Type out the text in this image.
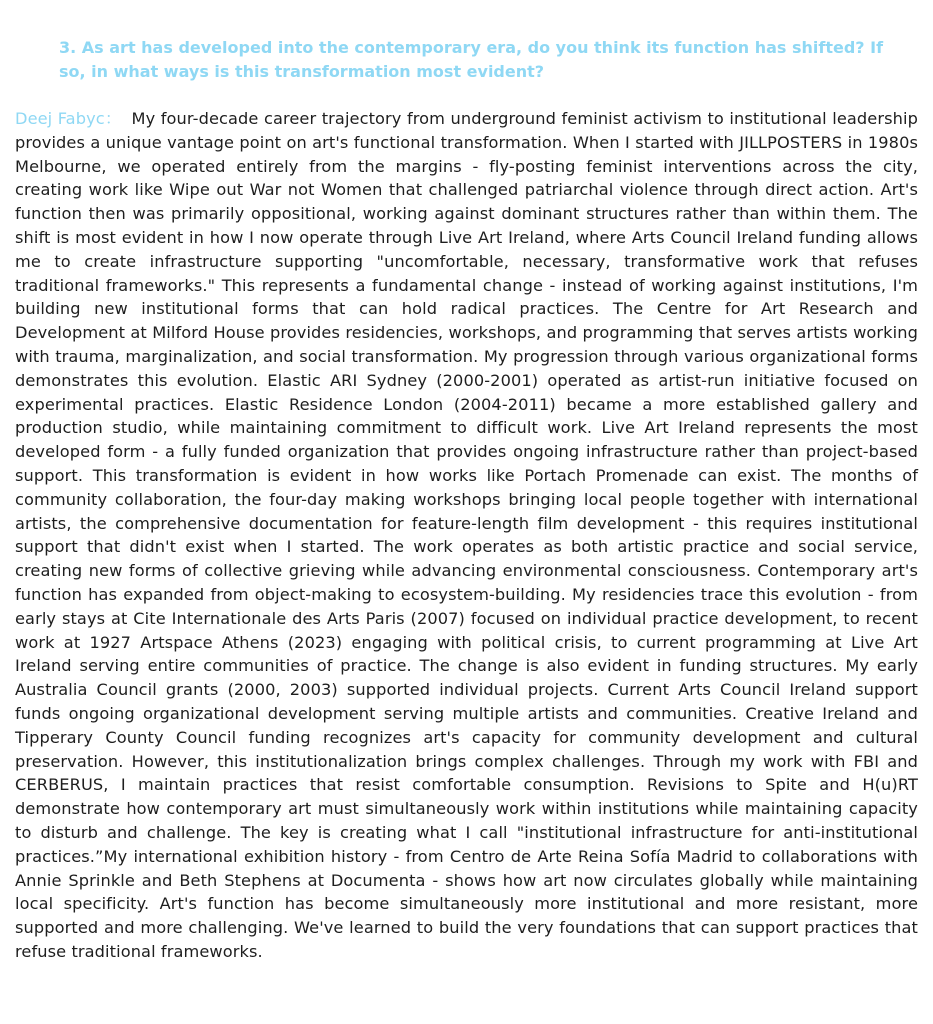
3. As art has developed into the contemporary era, do you think its function has shifted? If so, in what ways is this transformation most evident?

Deej Fabyc： My four-decade career trajectory from underground feminist activism to institutional leadership provides a unique vantage point on art's functional transformation. When I started with JILLPOSTERS in 1980s Melbourne, we operated entirely from the margins - fly-posting feminist interventions across the city, creating work like Wipe out War not Women that challenged patriarchal violence through direct action. Art's function then was primarily oppositional, working against dominant structures rather than within them. The shift is most evident in how I now operate through Live Art Ireland, where Arts Council Ireland funding allows me to create infrastructure supporting "uncomfortable, necessary, transformative work that refuses traditional frameworks." This represents a fundamental change - instead of working against institutions, I'm building new institutional forms that can hold radical practices. The Centre for Art Research and Development at Milford House provides residencies, workshops, and programming that serves artists working with trauma, marginalization, and social transformation. My progression through various organizational forms demonstrates this evolution. Elastic ARI Sydney (2000-2001) operated as artist-run initiative focused on experimental practices. Elastic Residence London (2004-2011) became a more established gallery and production studio, while maintaining commitment to difficult work. Live Art Ireland represents the most developed form - a fully funded organization that provides ongoing infrastructure rather than project-based support. This transformation is evident in how works like Portach Promenade can exist. The months of community collaboration, the four-day making workshops bringing local people together with international artists, the comprehensive documentation for feature-length film development - this requires institutional support that didn't exist when I started. The work operates as both artistic practice and social service, creating new forms of collective grieving while advancing environmental consciousness. Contemporary art's function has expanded from object-making to ecosystem-building. My residencies trace this evolution - from early stays at Cite Internationale des Arts Paris (2007) focused on individual practice development, to recent work at 1927 Artspace Athens (2023) engaging with political crisis, to current programming at Live Art Ireland serving entire communities of practice. The change is also evident in funding structures. My early Australia Council grants (2000, 2003) supported individual projects. Current Arts Council Ireland support funds ongoing organizational development serving multiple artists and communities. Creative Ireland and Tipperary County Council funding recognizes art's capacity for community development and cultural preservation. However, this institutionalization brings complex challenges. Through my work with FBI and CERBERUS, I maintain practices that resist comfortable consumption. Revisions to Spite and H(u)RT demonstrate how contemporary art must simultaneously work within institutions while maintaining capacity to disturb and challenge. The key is creating what I call "institutional infrastructure for anti-institutional practices.”My international exhibition history - from Centro de Arte Reina Sofía Madrid to collaborations with Annie Sprinkle and Beth Stephens at Documenta - shows how art now circulates globally while maintaining local specificity. Art's function has become simultaneously more institutional and more resistant, more supported and more challenging. We've learned to build the very foundations that can support practices that refuse traditional frameworks.
